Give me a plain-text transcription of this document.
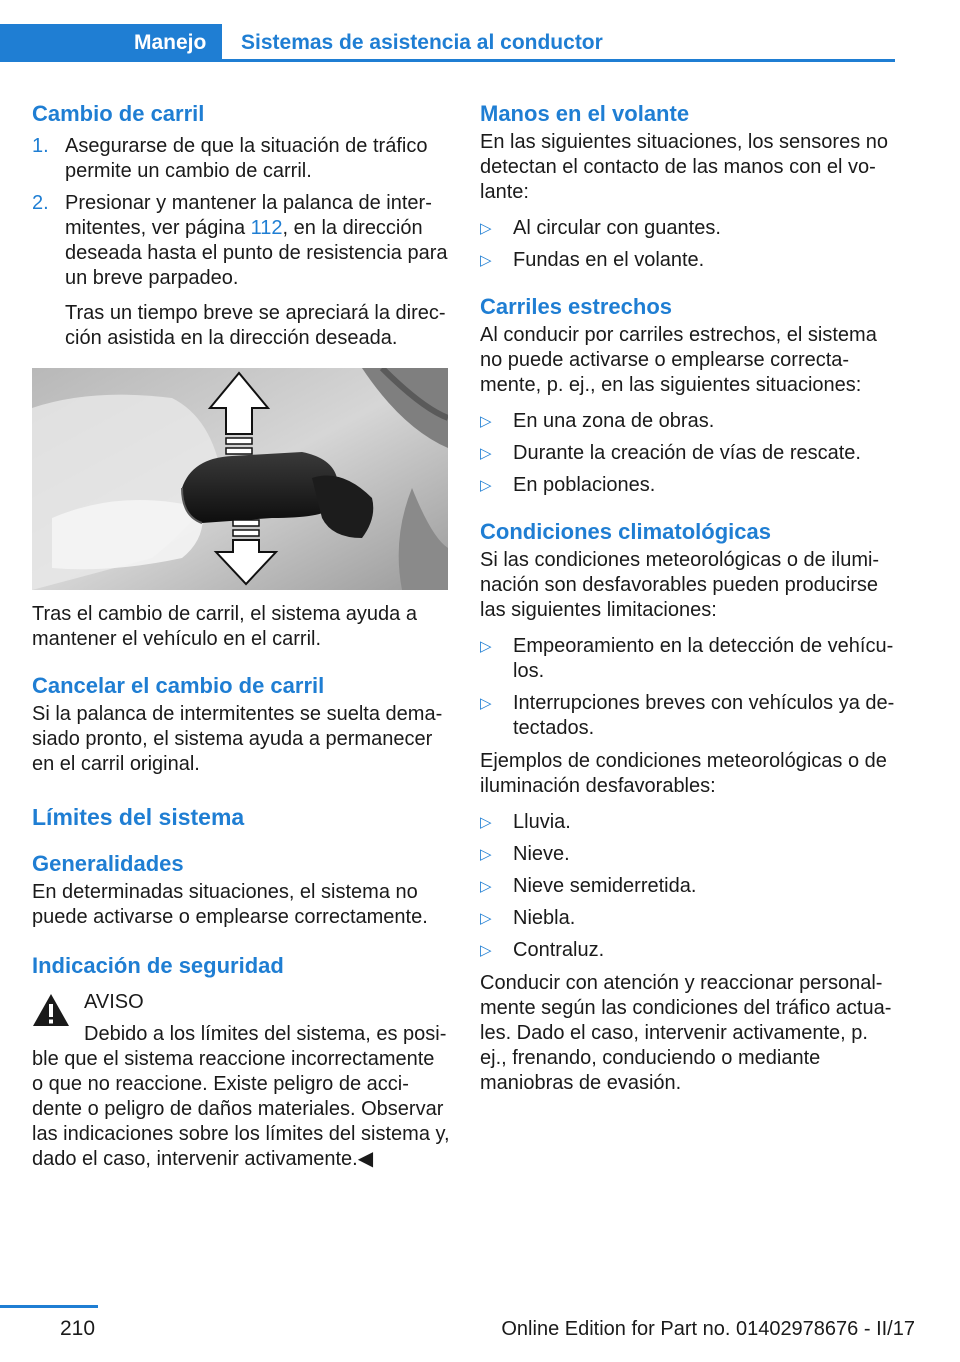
Manejo	Sistemas de asistencia al conductor
Cambio de carril
1. Asegurarse de que la situación de tráfico permite un cambio de carril.
2. Presionar y mantener la palanca de inter‐mitentes, ver página 112, en la dirección deseada hasta el punto de resistencia para un breve parpadeo.

Tras un tiempo breve se apreciará la direc‐ción asistida en la dirección deseada.

Tras el cambio de carril, el sistema ayuda a mantener el vehículo en el carril.

Cancelar el cambio de carril

Si la palanca de intermitentes se suelta dema‐siado pronto, el sistema ayuda a permanecer en el carril original.

Límites del sistema
Generalidades

En determinadas situaciones, el sistema no puede activarse o emplearse correctamente.

Indicación de seguridad

AVISO

Debido a los límites del sistema, es posi‐ble que el sistema reaccione incorrectamente o que no reaccione. Existe peligro de acci‐dente o peligro de daños materiales. Observar las indicaciones sobre los límites del sistema y, dado el caso, intervenir activamente.◀

Manos en el volante

En las siguientes situaciones, los sensores no detectan el contacto de las manos con el vo‐lante:

▷ Al circular con guantes.
▷ Fundas en el volante.
Carriles estrechos

Al conducir por carriles estrechos, el sistema no puede activarse o emplearse correcta‐mente, p. ej., en las siguientes situaciones:

▷ En una zona de obras.
▷ Durante la creación de vías de rescate.
▷ En poblaciones.
Condiciones climatológicas

Si las condiciones meteorológicas o de ilumi‐nación son desfavorables pueden producirse las siguientes limitaciones:

▷ Empeoramiento en la detección de vehícu‐los.
▷ Interrupciones breves con vehículos ya de‐tectados.

Ejemplos de condiciones meteorológicas o de iluminación desfavorables:

▷ Lluvia.
▷ Nieve.
▷ Nieve semiderretida.
▷ Niebla.
▷ Contraluz.

Conducir con atención y reaccionar personal‐mente según las condiciones del tráfico actua‐les. Dado el caso, intervenir activamente, p. ej., frenando, conduciendo o mediante maniobras de evasión.

210	Online Edition for Part no. 01402978676 - II/17
